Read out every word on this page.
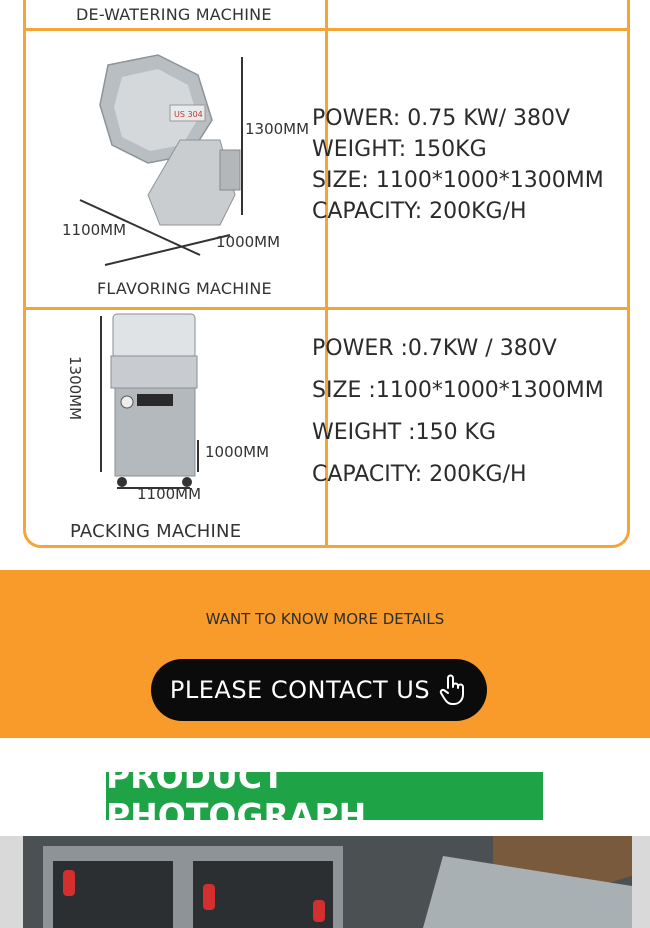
DE-WATERING MACHINE
US 304
1300MM
1100MM
1000MM
FLAVORING MACHINE
POWER: 0.75 KW/ 380V
WEIGHT: 150KG
SIZE: 1100*1000*1300MM
CAPACITY: 200KG/H
1300MM
1000MM
1100MM
PACKING MACHINE
POWER :0.7KW / 380V
SIZE :1100*1000*1300MM
WEIGHT :150 KG
CAPACITY: 200KG/H
WANT TO KNOW MORE DETAILS
PLEASE CONTACT US
PRODUCT PHOTOGRAPH
